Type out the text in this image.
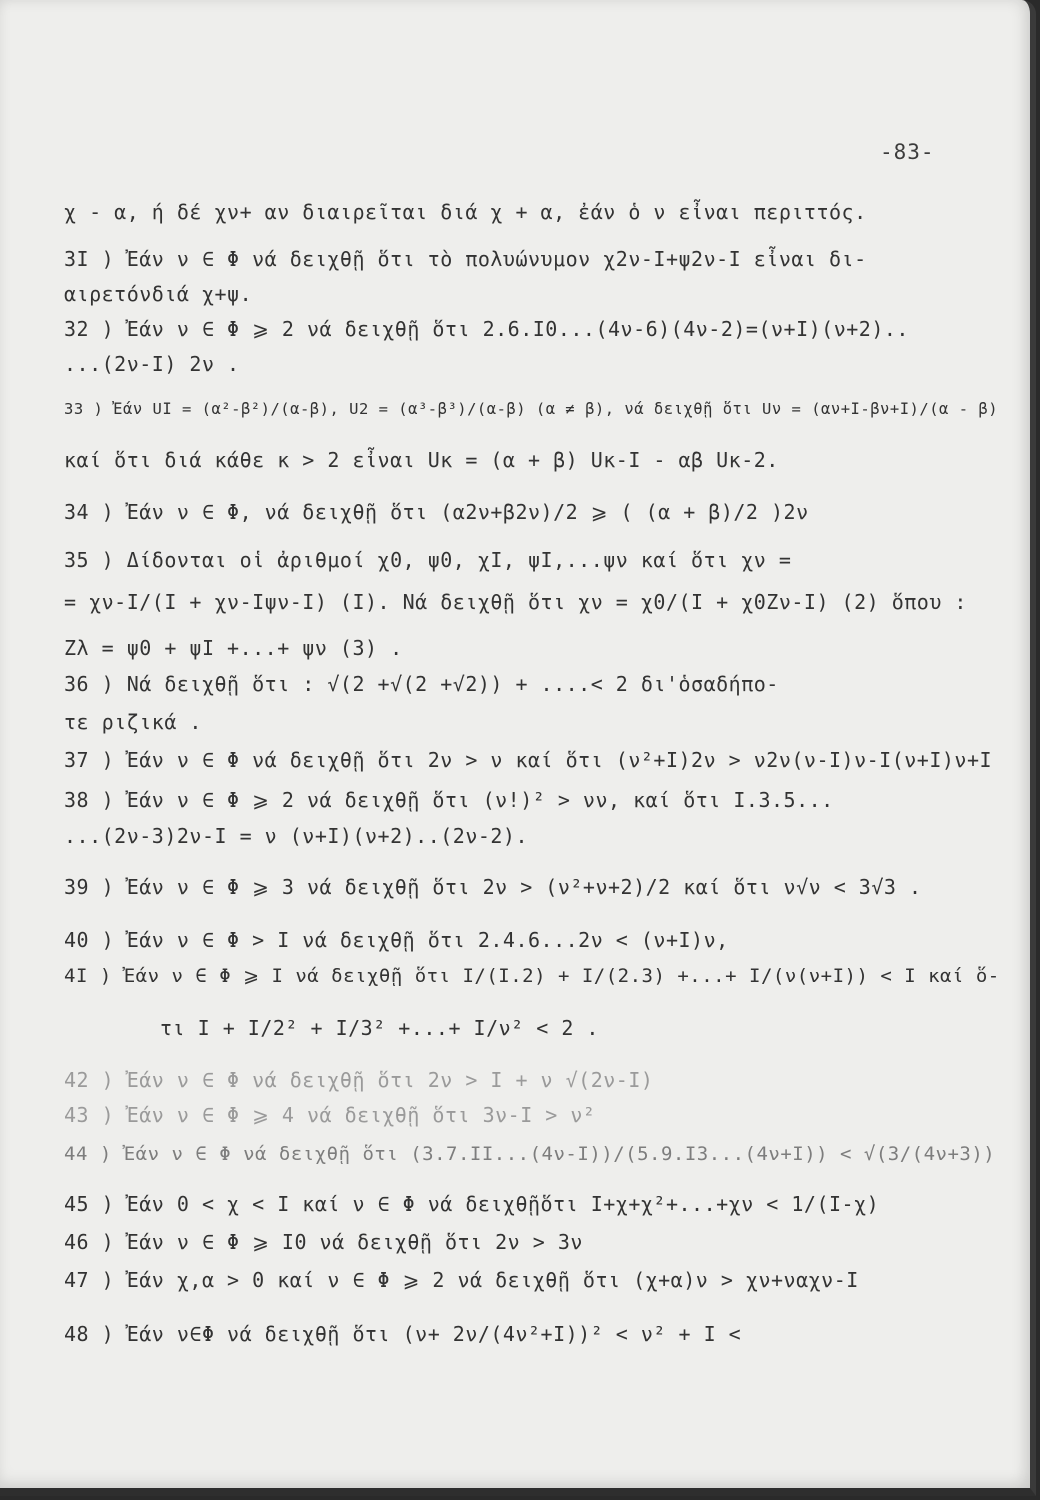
-83-
χ - α, ή δέ χν+ αν διαιρεῖται διά χ + α, ἐάν ὁ ν εἶναι περιττός.
3Ι ) Ἐάν ν ∈ Φ νά δειχθῇ ὅτι τὸ πολυώνυμον χ2ν-Ι+ψ2ν-Ι εἶναι δι-
αιρετόνδιά χ+ψ.
32 ) Ἐάν ν ∈ Φ ⩾ 2 νά δειχθῇ ὅτι 2.6.Ι0...(4ν-6)(4ν-2)=(ν+Ι)(ν+2)..
...(2ν-Ι) 2ν .
33 ) Ἐάν UΙ = (α²-β²)/(α-β), U2 = (α³-β³)/(α-β) (α ≠ β), νά δειχθῇ ὅτι Uν = (αν+Ι-βν+Ι)/(α - β)
καί ὅτι διά κάθε κ > 2 εἶναι Uκ = (α + β) Uκ-Ι - αβ Uκ-2.
34 ) Ἐάν ν ∈ Φ, νά δειχθῇ ὅτι (α2ν+β2ν)/2 ⩾ ( (α + β)/2 )2ν
35 ) Δίδονται οἱ ἀριθμοί χ0, ψ0, χΙ, ψΙ,...ψν καί ὅτι χν =
= χν-Ι/(Ι + χν-Ιψν-Ι) (Ι). Νά δειχθῇ ὅτι χν = χ0/(Ι + χ0Zν-Ι) (2) ὅπου :
Zλ = ψ0 + ψΙ +...+ ψν (3) .
36 ) Νά δειχθῇ ὅτι : √(2 +√(2 +√2)) + ....< 2 δι'ὁσαδήπο-
τε ριζικά .
37 ) Ἐάν ν ∈ Φ νά δειχθῇ ὅτι 2ν > ν καί ὅτι (ν²+Ι)2ν > ν2ν(ν-Ι)ν-Ι(ν+Ι)ν+Ι
38 ) Ἐάν ν ∈ Φ ⩾ 2 νά δειχθῇ ὅτι (ν!)² > νν, καί ὅτι Ι.3.5...
...(2ν-3)2ν-Ι = ν (ν+Ι)(ν+2)..(2ν-2).
39 ) Ἐάν ν ∈ Φ ⩾ 3 νά δειχθῇ ὅτι 2ν > (ν²+ν+2)/2 καί ὅτι ν√ν < 3√3 .
40 ) Ἐάν ν ∈ Φ > Ι νά δειχθῇ ὅτι 2.4.6...2ν < (ν+Ι)ν,
4Ι ) Ἐάν ν ∈ Φ ⩾ Ι νά δειχθῇ ὅτι Ι/(Ι.2) + Ι/(2.3) +...+ Ι/(ν(ν+Ι)) < Ι καί ὅ-
τι Ι + Ι/2² + Ι/3² +...+ Ι/ν² < 2 .
42 ) Ἐάν ν ∈ Φ νά δειχθῇ ὅτι 2ν > Ι + ν √(2ν-Ι)
43 ) Ἐάν ν ∈ Φ ⩾ 4 νά δειχθῇ ὅτι 3ν-Ι > ν²
44 ) Ἐάν ν ∈ Φ νά δειχθῇ ὅτι (3.7.ΙΙ...(4ν-Ι))/(5.9.Ι3...(4ν+Ι)) < √(3/(4ν+3))
45 ) Ἐάν 0 < χ < Ι καί ν ∈ Φ νά δειχθῇὅτι Ι+χ+χ²+...+χν < 1/(Ι-χ)
46 ) Ἐάν ν ∈ Φ ⩾ Ι0 νά δειχθῇ ὅτι 2ν > 3ν
47 ) Ἐάν χ,α > 0 καί ν ∈ Φ ⩾ 2 νά δειχθῇ ὅτι (χ+α)ν > χν+ναχν-Ι
48 ) Ἐάν ν∈Φ νά δειχθῇ ὅτι (ν+ 2ν/(4ν²+Ι))² < ν² + Ι <
